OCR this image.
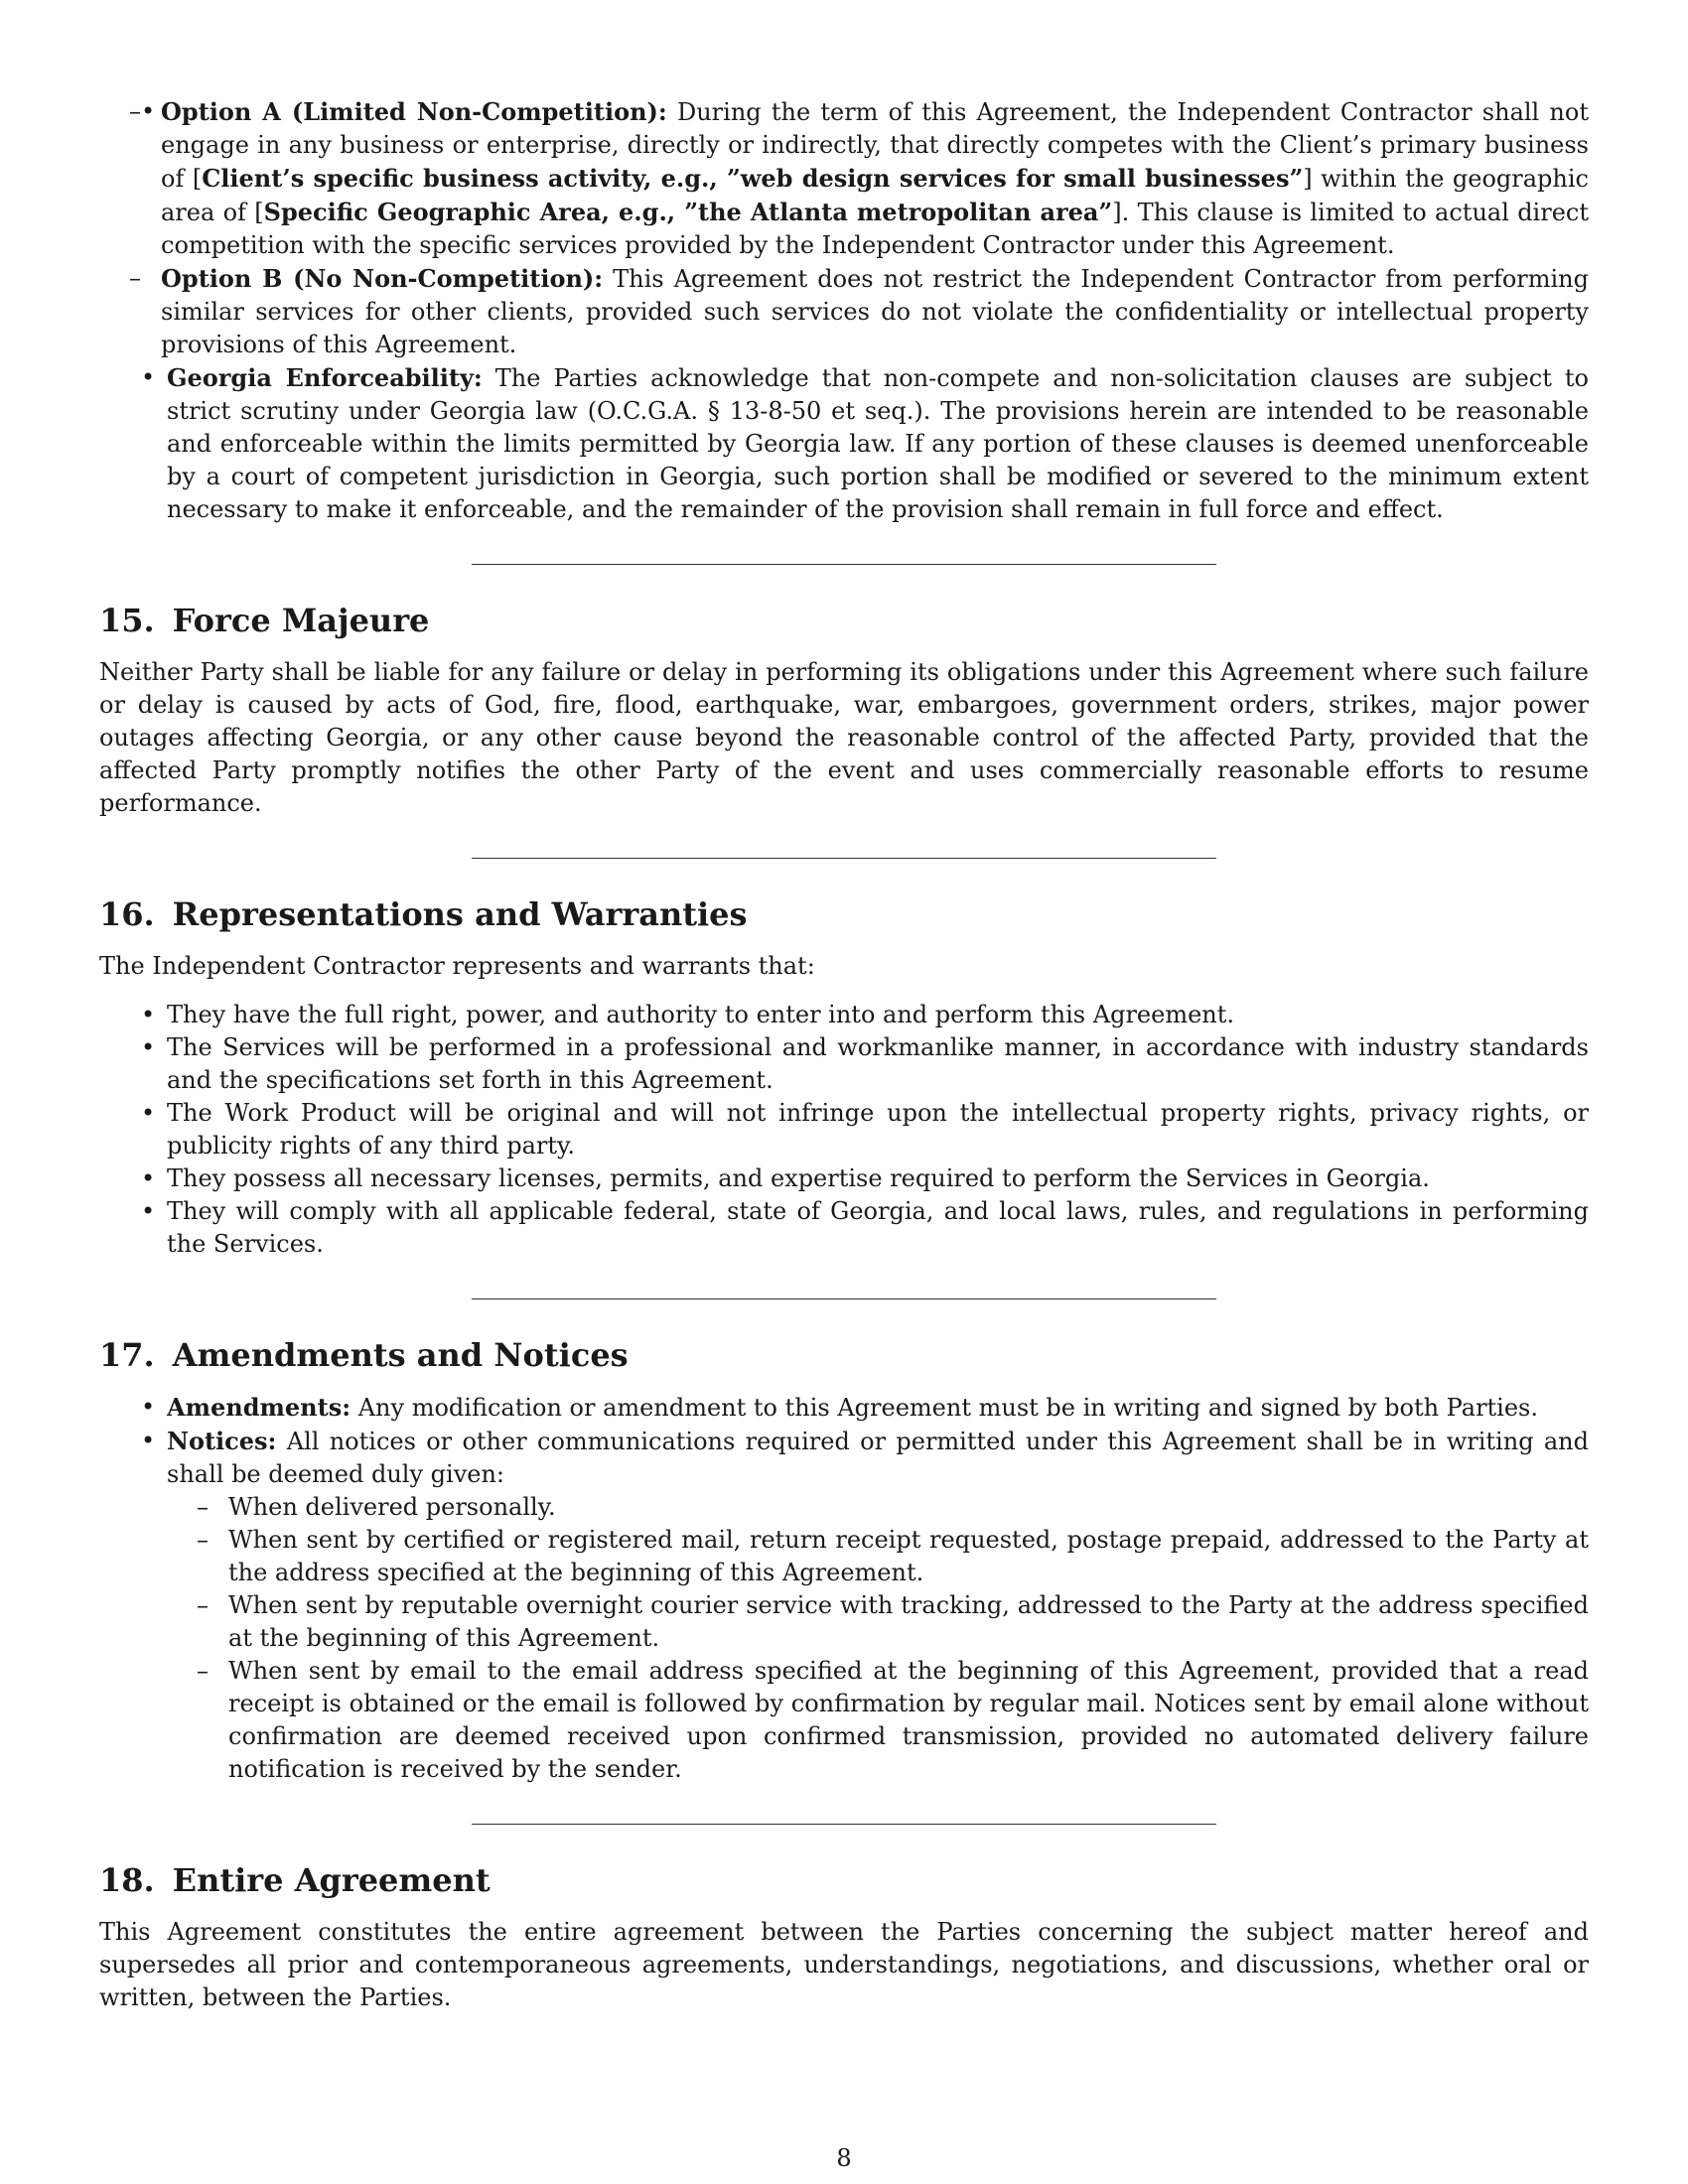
– • Option A (Limited Non-Competition): During the term of this Agreement, the Independent Contractor shall not engage in any business or enterprise, directly or indirectly, that directly competes with the Client’s primary business of [Client’s specific business activity, e.g., ”web design services for small businesses”] within the geographic area of [Specific Geographic Area, e.g., ”the Atlanta metropolitan area”]. This clause is limited to actual direct competition with the specific services provided by the Independent Contractor under this Agreement.
– Option B (No Non-Competition): This Agreement does not restrict the Independent Contractor from performing similar services for other clients, provided such services do not violate the confidentiality or intellectual property provisions of this Agreement.
• Georgia Enforceability: The Parties acknowledge that non-compete and non-solicitation clauses are subject to strict scrutiny under Georgia law (O.C.G.A. § 13-8-50 et seq.). The provisions herein are intended to be reasonable and enforceable within the limits permitted by Georgia law. If any portion of these clauses is deemed unenforceable by a court of competent jurisdiction in Georgia, such portion shall be modified or severed to the minimum extent necessary to make it enforceable, and the remainder of the provision shall remain in full force and effect.
15. Force Majeure

Neither Party shall be liable for any failure or delay in performing its obligations under this Agreement where such failure or delay is caused by acts of God, fire, flood, earthquake, war, embargoes, government orders, strikes, major power outages affecting Georgia, or any other cause beyond the reasonable control of the affected Party, provided that the affected Party promptly notifies the other Party of the event and uses commercially reasonable efforts to resume performance.

16. Representations and Warranties

The Independent Contractor represents and warrants that:

• They have the full right, power, and authority to enter into and perform this Agreement.
• The Services will be performed in a professional and workmanlike manner, in accordance with industry standards and the specifications set forth in this Agreement.
• The Work Product will be original and will not infringe upon the intellectual property rights, privacy rights, or publicity rights of any third party.
• They possess all necessary licenses, permits, and expertise required to perform the Services in Georgia.
• They will comply with all applicable federal, state of Georgia, and local laws, rules, and regulations in performing the Services.
17. Amendments and Notices
• Amendments: Any modification or amendment to this Agreement must be in writing and signed by both Parties.
• Notices: All notices or other communications required or permitted under this Agreement shall be in writing and shall be deemed duly given:
– When delivered personally.
– When sent by certified or registered mail, return receipt requested, postage prepaid, addressed to the Party at the address specified at the beginning of this Agreement.
– When sent by reputable overnight courier service with tracking, addressed to the Party at the address specified at the beginning of this Agreement.
– When sent by email to the email address specified at the beginning of this Agreement, provided that a read receipt is obtained or the email is followed by confirmation by regular mail. Notices sent by email alone without confirmation are deemed received upon confirmed transmission, provided no automated delivery failure notification is received by the sender.
18. Entire Agreement

This Agreement constitutes the entire agreement between the Parties concerning the subject matter hereof and supersedes all prior and contemporaneous agreements, understandings, negotiations, and discussions, whether oral or written, between the Parties.

8
